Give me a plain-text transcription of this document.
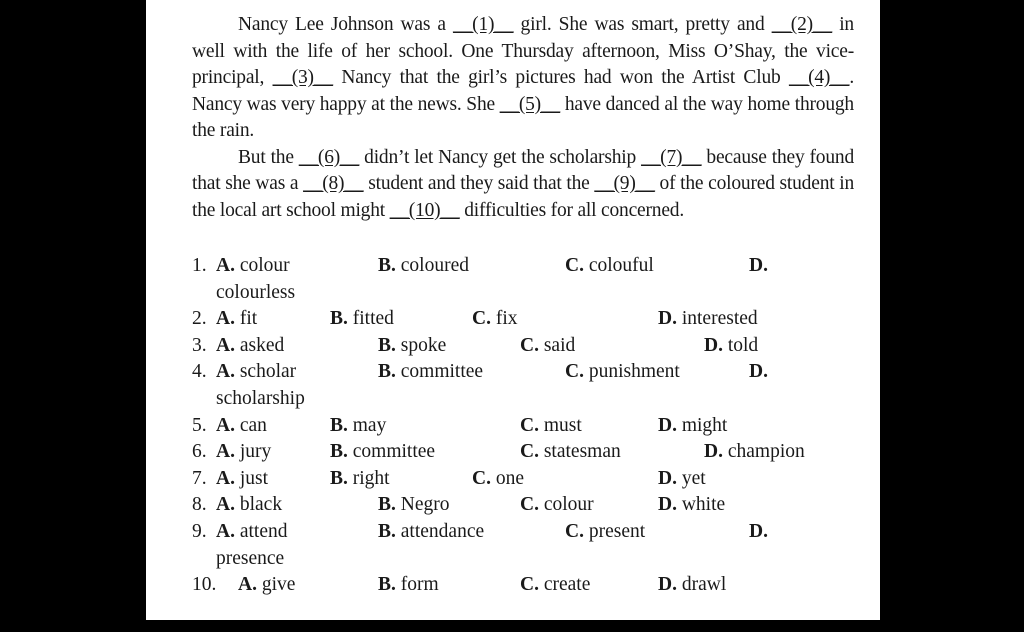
Nancy Lee Johnson was a __(1)__ girl. She was smart, pretty and __(2)__ in well with the life of her school. One Thursday afternoon, Miss O’Shay, the vice-principal, __(3)__ Nancy that the girl’s pictures had won the Artist Club __(4)__. Nancy was very happy at the news. She __(5)__ have danced al the way home through the rain.

But the __(6)__ didn’t let Nancy get the scholarship __(7)__ because they found that she was a __(8)__ student and they said that the __(9)__ of the coloured student in the local art school might __(10)__ difficulties for all concerned.

1. A. colour	B. coloured	C. colouful	D.
colourless
2. A. fit	B. fitted	C. fix	D. interested
3. A. asked	B. spoke	C. said	D. told
4. A. scholar	B. committee	C. punishment	D.
scholarship
5. A. can	B. may	C. must	D. might
6. A. jury	B. committee	C. statesman	D. champion
7. A. just	B. right	C. one	D. yet
8. A. black	B. Negro	C. colour	D. white
9. A. attend	B. attendance	C. present	D.
presence
10. A. give	B. form	C. create	D. drawl
